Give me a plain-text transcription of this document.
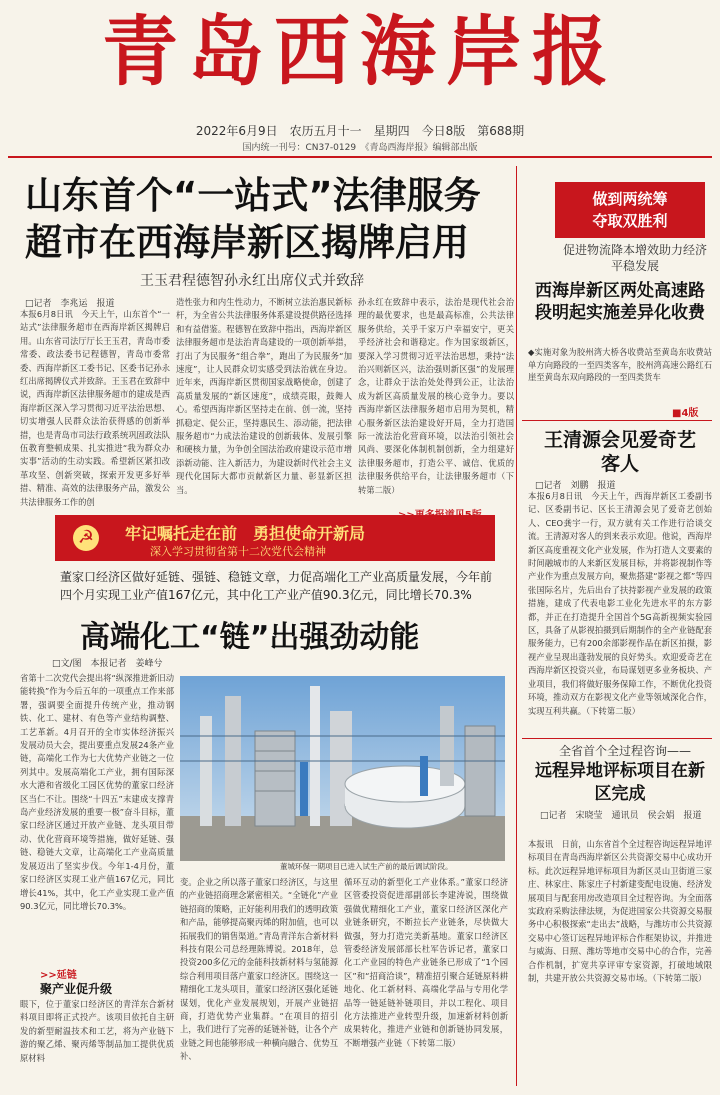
青岛西海岸报
2022年6月9日　农历五月十一　星期四　今日8版　第688期
国内统一刊号：CN37-0129　《青岛西海岸报》编辑部出版
山东首个“一站式”法律服务
超市在西海岸新区揭牌启用
王玉君程德智孙永红出席仪式并致辞
□记者　李兆运　报道
本报6月8日讯　今天上午，山东首个“一站式”法律服务超市在西海岸新区揭牌启用。山东省司法厅厅长王玉君，青岛市委常委、政法委书记程德智，青岛市委常委、西海岸新区工委书记、区委书记孙永红出席揭牌仪式并致辞。王玉君在致辞中说，西海岸新区法律服务超市的建成是西海岸新区深入学习贯彻习近平法治思想、切实增强人民群众法治获得感的创新举措，也是青岛市司法行政系统巩固政法队伍教育整顿成果、扎实推进“我为群众办实事”活动的生动实践。希望新区紧扣改革攻坚、创新突破，探索开发更多好举措、精准、高效的法律服务产品，激发公共法律服务工作的创
造性张力和内生性动力，不断树立法治惠民新标杆，为全省公共法律服务体系建设提供路径选择和有益借鉴。程德智在致辞中指出，西海岸新区法律服务超市是法治青岛建设的一项创新举措，打出了为民服务“组合拳”，跑出了为民服务“加速度”，让人民群众切实感受到法治就在身边。近年来，西海岸新区贯彻国家战略使命，创建了高质量发展的“新区速度”，成绩亮眼，鼓舞人心。希望西海岸新区坚持走在前、创一流，坚持抓稳定、促公正，坚持惠民生、添动能，把法律服务超市“力成法治建设的创新载体、发展引擎和硬核力量，为争创全国法治政府建设示范市增添新动能、注入新活力，为建设新时代社会主义现代化国际大都市贡献新区力量、彰显新区担当。
孙永红在致辞中表示，法治是现代社会治理的最优要求，也是最高标准，公共法律服务供给，关乎千家万户幸福安宁，更关乎经济社会和谐稳定。作为国家级新区，要深入学习贯彻习近平法治思想，秉持“法治兴则新区兴，法治强则新区强”的发展理念，让群众于法治处处得到公正，让法治成为新区高质量发展的核心竞争力。要以西海岸新区法律服务超市启用为契机，精心服务新区法治建设好开局，全力打造国际一流法治化营商环境，以法治引领社会风尚、要深化体制机制创新，全力组建好法律服务超市，打造公平、诚信、优质的法律服务供给平台，让法律服务超市（下转第二版）
做到两统筹
夺取双胜利
促进物流降本增效助力经济平稳发展
西海岸新区两处高速路段明起实施差异化收费
◆实施对象为胶州湾大桥各收费站至黄岛东收费站单方向路段的一至四类客车，胶州湾高速公路红石崖至黄岛东双向路段的一至四类货车
■4版
王清源会见爱奇艺客人
□记者　刘鹏　报道
本报6月8日讯　今天上午，西海岸新区工委副书记、区委副书记、区长王清源会见了爱奇艺创始人、CEO龚宇一行，双方就有关工作进行洽谈交流。王清源对客人的到来表示欢迎。他说，西海岸新区高度重视文化产业发展，作为打造人文要素的时间融城市的人来新区发展目标，并将影视制作等产业作为重点发展方向，聚焦搭建“影视之都”等四张国际名片，先后出台了扶持影视产业发展的政策措施，建成了代表电影工业化先进水平的东方影都，并正在打造提升全国首个5G高新视频实验园区，具备了从影视拍摄到后期制作的全产业链配套服务能力，已有200余部影视作品在新区拍摄，影视产业呈现出蓬勃发展的良好势头。欢迎爱奇艺在西海岸新区投资兴业，布局谋划更多业务板块、产业项目，我们将做好服务保障工作，不断优化投资环境，推动双方在影视文化产业等领域深化合作，实现互利共赢。（下转第二版）
全省首个全过程咨询——
远程异地评标项目在新区完成
□记者　宋晓莹　通讯员　侯会娟　报道
本报讯　日前，山东省首个全过程咨询远程异地评标项目在青岛西海岸新区公共资源交易中心成功开标。此次远程异地评标项目为新区灵山卫街道三家庄、林家庄、陈家庄子村新建变配电设施、经济发展项目与配套用房改造项目全过程咨询。为全面落实政府采购法律法规，为促进国家公共资源交易服务中心积极探索“走出去”战略，与潍坊市公共资源交易中心签订远程异地评标合作框架协议，并推进与威海、日照、潍坊等地市交易中心的合作，完善合作机制，扩宽共享评审专家资源，打破地域限制，共建开放公共资源交易市场。（下转第二版）
☭	牢记嘱托走在前　勇担使命开新局
深入学习贯彻省第十二次党代会精神
董家口经济区做好延链、强链、稳链文章，力促高端化工产业高质量发展，今年前四个月实现工业产值167亿元，其中化工产业产值90.3亿元，同比增长70.3%
高端化工“链”出强劲动能
□文/图　本报记者　姜峰兮
省第十二次党代会提出将“纵深推进新旧动能转换”作为今后五年的一项重点工作来部署，强调要全面提升传统产业，推动钢铁、化工、建材、有色等产业结构调整、工艺革新。4月召开的全市实体经济振兴发展动员大会，提出要重点发展24条产业链，高端化工作为七大优势产业链之一位列其中。发展高端化工产业，拥有国际深水大港和省级化工园区优势的董家口经济区当仁不让。围绕“十四五”末建成支撑青岛产业经济发展的重要一极”奋斗目标，董家口经济区通过开放产业链、龙头项目带动、优化营商环境等措施，做好延链、强链、稳链大文章，让高端化工产业高质量发展迈出了坚实步伐。今年1-4月份，董家口经济区实现工业产值167亿元，同比增长41%，其中，化工产业实现工业产值90.3亿元，同比增长70.3%。
>>延链
聚产业促升级
眼下，位于董家口经济区的青洋东合新材料项目即将正式投产。该项目依托自主研发的新型耐温技术和工艺，将为产业链下游的聚乙烯、聚丙烯等制品加工提供优质原材料
董城环保一期项目已进入试生产前的最后调试阶段。
变。企业之所以落子董家口经济区，与这里的产业链招商理念紧密相关。“全链化”产业链招商的策略，正好能利用我们的透明政策和产品，能够提高聚丙烯的附加值，也可以拓展我们的销售渠道。”青岛青洋东合新材料科技有限公司总经理陈博说。2018年，总投资200多亿元的金能科技新材料与氢能源综合利用项目落户董家口经济区。围绕这一精细化工龙头项目，董家口经济区强化延链谋划，优化产业发展规划，开展产业链招商，打造优势产业集群。“在项目的招引上，我们进行了完善的延链补链，让各个产业链之间也能够形成一种横向融合、优势互补、
循环互动的新型化工产业体系。”董家口经济区管委投资促进部副部长李建涛说，围绕做强做优精细化工产业，董家口经济区深化产业链条研究，不断拉长产业链条，尽快做大做强，努力打造完美新基地。董家口经济区管委经济发展部部长杜军告诉记者，董家口化工产业园的特色产业链条已形成了“1个园区”和“招商洽谈”，精准招引聚合延链原料耕地化、化工新材料、高端化学品与专用化学品等一链延链补链项目，并以工程化、项目化方法推进产业转型升级，加速新材料创新成果转化，推进产业链和创新链协同发展，不断增强产业链（下转第二版）
